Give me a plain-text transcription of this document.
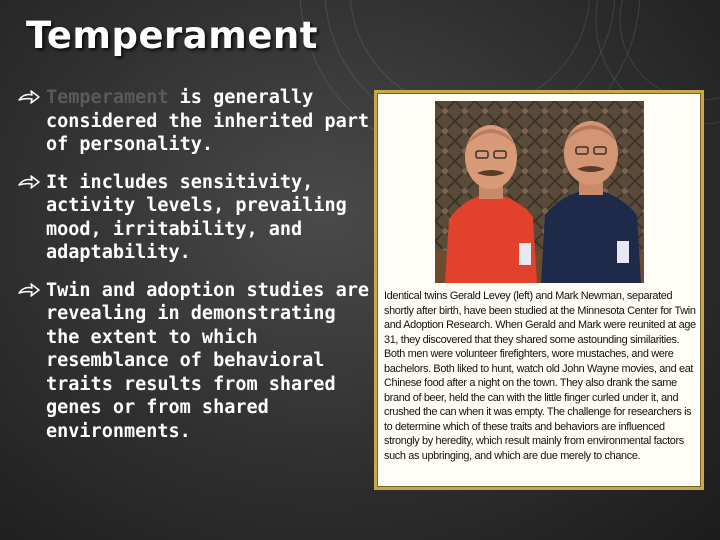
Temperament
Temperament is generally considered the inherited part of personality.
It includes sensitivity, activity levels, prevailing mood, irritability, and adaptability.
Twin and adoption studies are revealing in demonstrating the extent to which resemblance of behavioral traits results from shared genes or from shared environments.
Identical twins Gerald Levey (left) and Mark Newman, separated shortly after birth, have been studied at the Minnesota Center for Twin and Adoption Research. When Gerald and Mark were reunited at age 31, they discovered that they shared some astounding similarities. Both men were volunteer firefighters, wore mustaches, and were bachelors. Both liked to hunt, watch old John Wayne movies, and eat Chinese food after a night on the town. They also drank the same brand of beer, held the can with the little finger curled under it, and crushed the can when it was empty. The challenge for researchers is to determine which of these traits and behaviors are influenced strongly by heredity, which result mainly from environmental factors such as upbringing, and which are due merely to chance.
